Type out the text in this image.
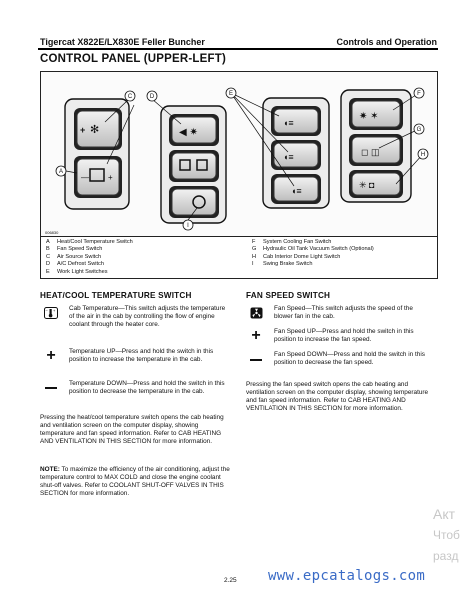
Tigercat X822E/LX830E Feller Buncher	Controls and Operation
CONTROL PANEL (UPPER-LEFT)
✻
+
— +
◀ ✷
◖≡
◖≡
◖≡
✷ ✶
◻ ◫
✳ ◘
A
C	D	E
I
F
G
H
006830
A Heat/Cool Temperature Switch
B Fan Speed Switch
C Air Source Switch
D A/C Defrost Switch
E Work Light Switches
F System Cooling Fan Switch
G Hydraulic Oil Tank Vacuum Switch (Optional)
H Cab Interior Dome Light Switch
I Swing Brake Switch
HEAT/COOL TEMPERATURE SWITCH
+
−	Cab Temperature—This switch adjusts the temperature of the air in the cab by controlling the flow of engine coolant through the heater core.
+ Temperature UP—Press and hold the switch in this position to increase the temperature in the cab.
Temperature DOWN—Press and hold the switch in this position to decrease the temperature in the cab.
Pressing the heat/cool temperature switch opens the cab heating and ventilation screen on the computer display, showing temperature and fan speed information. Refer to CAB HEATING AND VENTILATION IN THIS SECTION for more information.
NOTE: To maximize the efficiency of the air conditioning, adjust the temperature control to MAX COLD and close the engine coolant shut-off valves. Refer to COOLANT SHUT-OFF VALVES IN THIS SECTION for more information.
FAN SPEED SWITCH
Fan Speed—This switch adjusts the speed of the blower fan in the cab.
+ Fan Speed UP—Press and hold the switch in this position to increase the fan speed.
Fan Speed DOWN—Press and hold the switch in this position to decrease the fan speed.
Pressing the fan speed switch opens the cab heating and ventilation screen on the computer display, showing temperature and fan speed information. Refer to CAB HEATING AND VENTILATION IN THIS SECTION for more information.
Акт
Чтоб
разд
2.25 www.epcatalogs.com
